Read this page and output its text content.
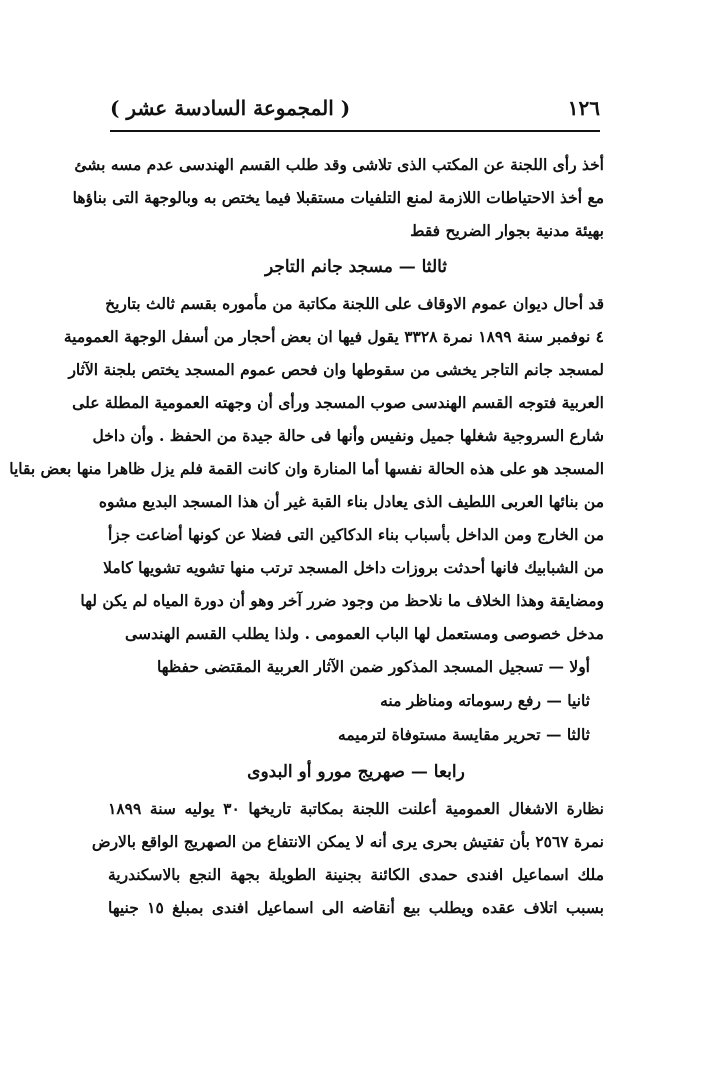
١٢٦
( المجموعة السادسة عشر )
أخذ رأى اللجنة عن المكتب الذى تلاشى وقد طلب القسم الهندسى عدم مسه بشئ
مع أخذ الاحتياطات اللازمة لمنع التلفيات مستقبلا فيما يختص به وبالوجهة التى بناؤها
بهيئة مدنية بجوار الضريح فقط
ثالثا — مسجد جانم التاجر
قد أحال ديوان عموم الاوقاف على اللجنة مكاتبة من مأموره بقسم ثالث بتاريخ
٤ نوفمبر سنة ١٨٩٩ نمرة ٣٣٢٨ يقول فيها ان بعض أحجار من أسفل الوجهة العمومية
لمسجد جانم التاجر يخشى من سقوطها وان فحص عموم المسجد يختص بلجنة الآثار
العربية فتوجه القسم الهندسى صوب المسجد ورأى أن وجهته العمومية المطلة على
شارع السروجية شغلها جميل ونفيس وأنها فى حالة جيدة من الحفظ . وأن داخل
المسجد هو على هذه الحالة نفسها أما المنارة وان كانت القمة فلم يزل ظاهرا منها بعض بقايا
من بنائها العربى اللطيف الذى يعادل بناء القبة غير أن هذا المسجد البديع مشوه
من الخارج ومن الداخل بأسباب بناء الدكاكين التى فضلا عن كونها أضاعت جزأ
من الشبابيك فانها أحدثت بروزات داخل المسجد ترتب منها تشويه تشويها كاملا
ومضايقة وهذا الخلاف ما نلاحظ من وجود ضرر آخر وهو أن دورة المياه لم يكن لها
مدخل خصوصى ومستعمل لها الباب العمومى . ولذا يطلب القسم الهندسى
أولا — تسجيل المسجد المذكور ضمن الآثار العربية المقتضى حفظها
ثانيا — رفع رسوماته ومناظر منه
ثالثا — تحرير مقايسة مستوفاة لترميمه
رابعا — صهريج مورو أو البدوى
نظارة الاشغال العمومية أعلنت اللجنة بمكاتبة تاريخها ٣٠ يوليه سنة ١٨٩٩
نمرة ٢٥٦٧ بأن تفتيش بحرى يرى أنه لا يمكن الانتفاع من الصهريج الواقع بالارض
ملك اسماعيل افندى حمدى الكائنة بجنينة الطويلة بجهة النجع بالاسكندرية
بسبب اتلاف عقده ويطلب بيع أنقاضه الى اسماعيل افندى بمبلغ ١٥ جنيها
